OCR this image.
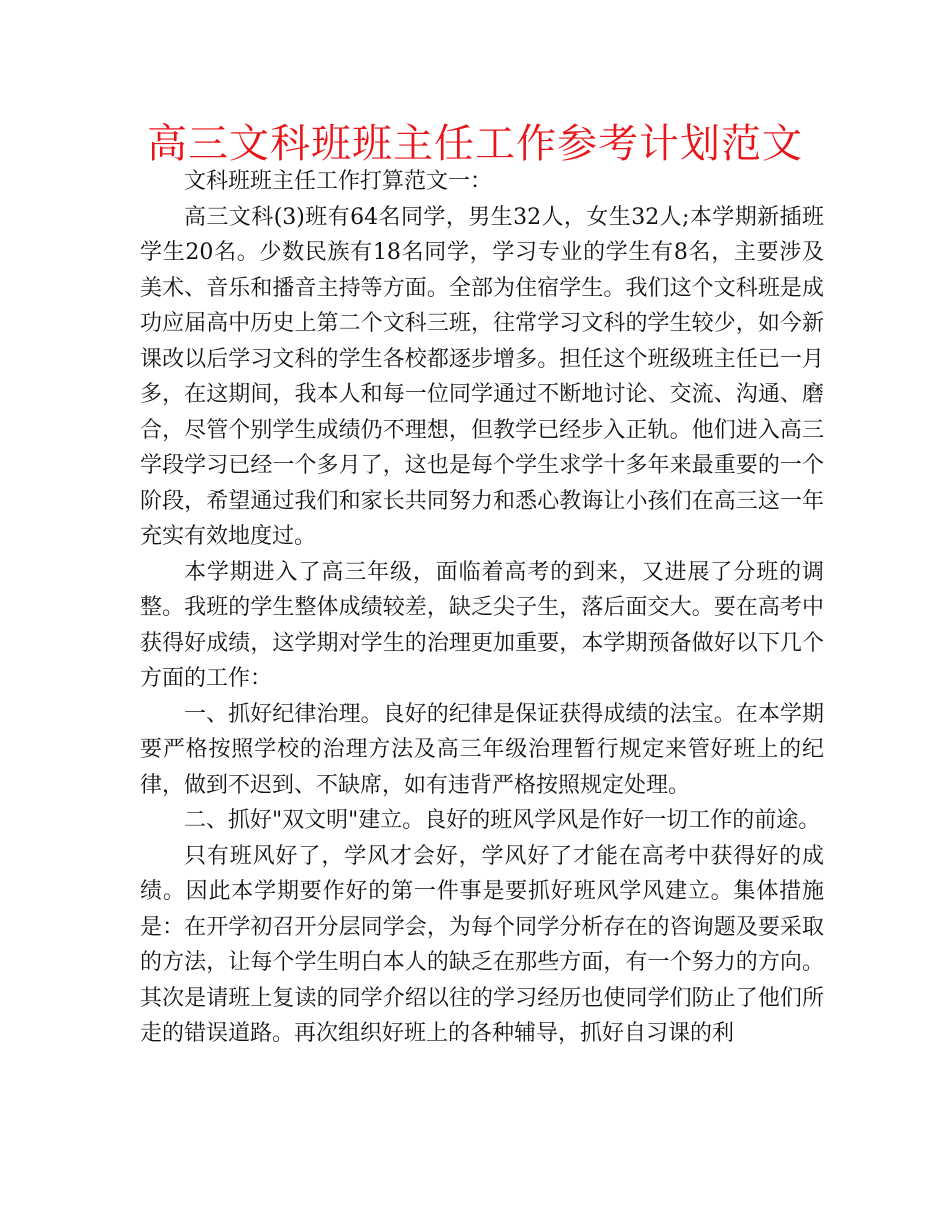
高三文科班班主任工作参考计划范文

文科班班主任工作打算范文一：

高三文科(3)班有64名同学，男生32人，女生32人;本学期新插班学生20名。少数民族有18名同学，学习专业的学生有8名，主要涉及美术、音乐和播音主持等方面。全部为住宿学生。我们这个文科班是成功应届高中历史上第二个文科三班，往常学习文科的学生较少，如今新课改以后学习文科的学生各校都逐步增多。担任这个班级班主任已一月多，在这期间，我本人和每一位同学通过不断地讨论、交流、沟通、磨合，尽管个别学生成绩仍不理想，但教学已经步入正轨。他们进入高三学段学习已经一个多月了，这也是每个学生求学十多年来最重要的一个阶段，希望通过我们和家长共同努力和悉心教诲让小孩们在高三这一年充实有效地度过。

本学期进入了高三年级，面临着高考的到来，又进展了分班的调整。我班的学生整体成绩较差，缺乏尖子生，落后面交大。要在高考中获得好成绩，这学期对学生的治理更加重要，本学期预备做好以下几个方面的工作：

一、抓好纪律治理。良好的纪律是保证获得成绩的法宝。在本学期要严格按照学校的治理方法及高三年级治理暂行规定来管好班上的纪律，做到不迟到、不缺席，如有违背严格按照规定处理。

二、抓好"双文明"建立。良好的班风学风是作好一切工作的前途。

只有班风好了，学风才会好，学风好了才能在高考中获得好的成绩。因此本学期要作好的第一件事是要抓好班风学风建立。集体措施是：在开学初召开分层同学会，为每个同学分析存在的咨询题及要采取的方法，让每个学生明白本人的缺乏在那些方面，有一个努力的方向。其次是请班上复读的同学介绍以往的学习经历也使同学们防止了他们所走的错误道路。再次组织好班上的各种辅导，抓好自习课的利
